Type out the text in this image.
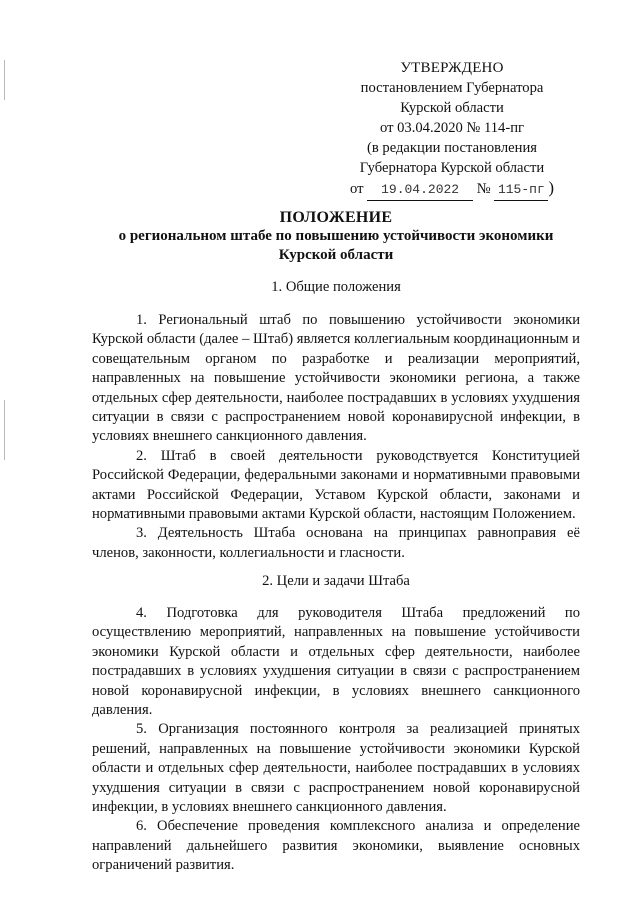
УТВЕРЖДЕНО
постановлением Губернатора
Курской области
от 03.04.2020 № 114-пг
(в редакции постановления
Губернатора Курской области
от 19.04.2022 № 115-пг )
ПОЛОЖЕНИЕ
о региональном штабе по повышению устойчивости экономики
Курской области
1. Общие положения

1. Региональный штаб по повышению устойчивости экономики Курской области (далее – Штаб) является коллегиальным координационным и совещательным органом по разработке и реализации мероприятий, направленных на повышение устойчивости экономики региона, а также отдельных сфер деятельности, наиболее пострадавших в условиях ухудшения ситуации в связи с распространением новой коронавирусной инфекции, в условиях внешнего санкционного давления.

2. Штаб в своей деятельности руководствуется Конституцией Российской Федерации, федеральными законами и нормативными правовыми актами Российской Федерации, Уставом Курской области, законами и нормативными правовыми актами Курской области, настоящим Положением.

3. Деятельность Штаба основана на принципах равноправия её членов, законности, коллегиальности и гласности.

2. Цели и задачи Штаба

4. Подготовка для руководителя Штаба предложений по осуществлению мероприятий, направленных на повышение устойчивости экономики Курской области и отдельных сфер деятельности, наиболее пострадавших в условиях ухудшения ситуации в связи с распространением новой коронавирусной инфекции, в условиях внешнего санкционного давления.

5. Организация постоянного контроля за реализацией принятых решений, направленных на повышение устойчивости экономики Курской области и отдельных сфер деятельности, наиболее пострадавших в условиях ухудшения ситуации в связи с распространением новой коронавирусной инфекции, в условиях внешнего санкционного давления.

6. Обеспечение проведения комплексного анализа и определение направлений дальнейшего развития экономики, выявление основных ограничений развития.
